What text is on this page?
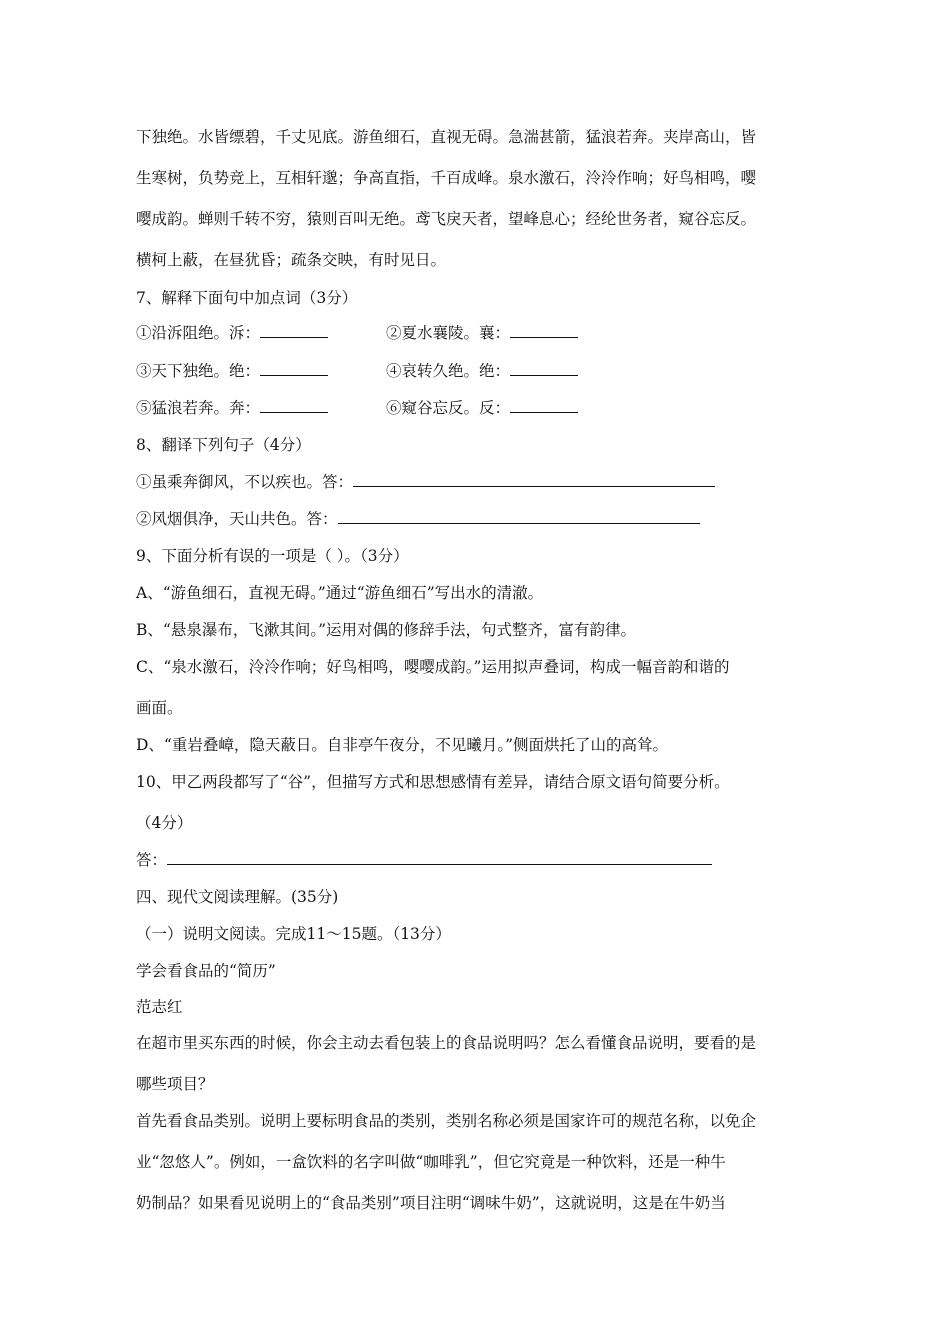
下独绝。水皆缥碧，千丈见底。游鱼细石，直视无碍。急湍甚箭，猛浪若奔。夹岸高山，皆
生寒树，负势竞上，互相轩邈；争高直指，千百成峰。泉水激石，泠泠作响；好鸟相鸣，嘤
嘤成韵。蝉则千转不穷，猿则百叫无绝。鸢飞戾天者，望峰息心；经纶世务者，窥谷忘反。
横柯上蔽，在昼犹昏；疏条交映，有时见日。
7、解释下面句中加点词（3分）
①沿泝阻绝。泝：	②夏水襄陵。襄：
③天下独绝。绝：	④哀转久绝。绝：
⑤猛浪若奔。奔：	⑥窥谷忘反。反：
8、翻译下列句子（4分）
①虽乘奔御风，不以疾也。答：
②风烟俱净，天山共色。答：
9、下面分析有误的一项是（ ）。（3分）
A、“游鱼细石，直视无碍。”通过“游鱼细石”写出水的清澈。
B、“悬泉瀑布，飞漱其间。”运用对偶的修辞手法，句式整齐，富有韵律。
C、“泉水激石，泠泠作响；好鸟相鸣，嘤嘤成韵。”运用拟声叠词，构成一幅音韵和谐的
画面。
D、“重岩叠嶂，隐天蔽日。自非亭午夜分，不见曦月。”侧面烘托了山的高耸。
10、甲乙两段都写了“谷”，但描写方式和思想感情有差异，请结合原文语句简要分析。
（4分）
答：
四、现代文阅读理解。(35分)
（一）说明文阅读。完成11～15题。（13分）
学会看食品的“简历”
范志红
在超市里买东西的时候，你会主动去看包装上的食品说明吗？怎么看懂食品说明，要看的是
哪些项目？
首先看食品类别。说明上要标明食品的类别，类别名称必须是国家许可的规范名称，以免企
业“忽悠人”。例如，一盒饮料的名字叫做“咖啡乳”，但它究竟是一种饮料，还是一种牛
奶制品？如果看见说明上的“食品类别”项目注明“调味牛奶”，这就说明，这是在牛奶当
